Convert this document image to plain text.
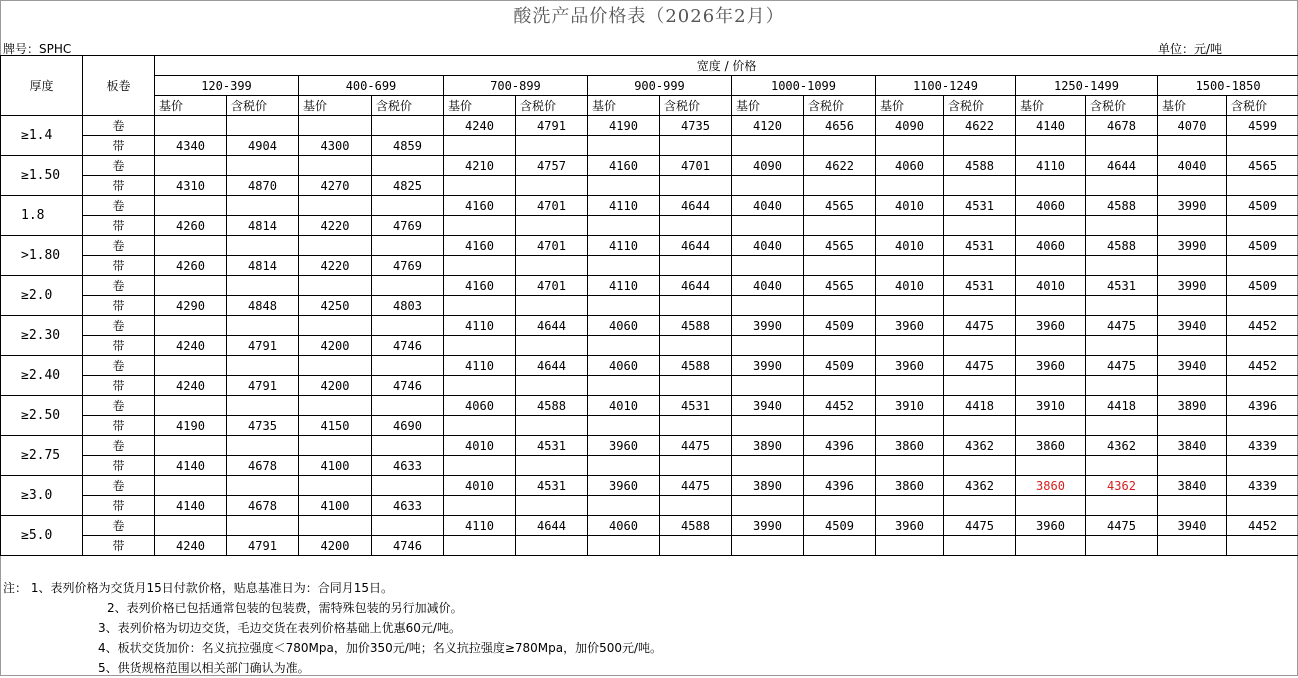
酸洗产品价格表（2026年2月）
牌号：SPHC	单位：元/吨
厚度	板卷	宽度 / 价格															
		120-399		400-699		700-899		900-999		1000-1099		1100-1249		1250-1499		1500-1850	
		基价	含税价	基价	含税价	基价	含税价	基价	含税价	基价	含税价	基价	含税价	基价	含税价	基价	含税价
≥1.4	卷					4240	4791	4190	4735	4120	4656	4090	4622	4140	4678	4070	4599
	带	4340	4904	4300	4859												
≥1.50	卷					4210	4757	4160	4701	4090	4622	4060	4588	4110	4644	4040	4565
	带	4310	4870	4270	4825												
1.8	卷					4160	4701	4110	4644	4040	4565	4010	4531	4060	4588	3990	4509
	带	4260	4814	4220	4769												
>1.80	卷					4160	4701	4110	4644	4040	4565	4010	4531	4060	4588	3990	4509
	带	4260	4814	4220	4769												
≥2.0	卷					4160	4701	4110	4644	4040	4565	4010	4531	4010	4531	3990	4509
	带	4290	4848	4250	4803												
≥2.30	卷					4110	4644	4060	4588	3990	4509	3960	4475	3960	4475	3940	4452
	带	4240	4791	4200	4746												
≥2.40	卷					4110	4644	4060	4588	3990	4509	3960	4475	3960	4475	3940	4452
	带	4240	4791	4200	4746												
≥2.50	卷					4060	4588	4010	4531	3940	4452	3910	4418	3910	4418	3890	4396
	带	4190	4735	4150	4690												
≥2.75	卷					4010	4531	3960	4475	3890	4396	3860	4362	3860	4362	3840	4339
	带	4140	4678	4100	4633												
≥3.0	卷					4010	4531	3960	4475	3890	4396	3860	4362	3860	4362	3840	4339
	带	4140	4678	4100	4633												
≥5.0	卷					4110	4644	4060	4588	3990	4509	3960	4475	3960	4475	3940	4452
	带	4240	4791	4200	4746												
注： 1、表列价格为交货月15日付款价格，贴息基准日为：合同月15日。
2、表列价格已包括通常包装的包装费，需特殊包装的另行加减价。
3、表列价格为切边交货，毛边交货在表列价格基础上优惠60元/吨。
4、板状交货加价：名义抗拉强度＜780Mpa，加价350元/吨；名义抗拉强度≥780Mpa，加价500元/吨。
5、供货规格范围以相关部门确认为准。
